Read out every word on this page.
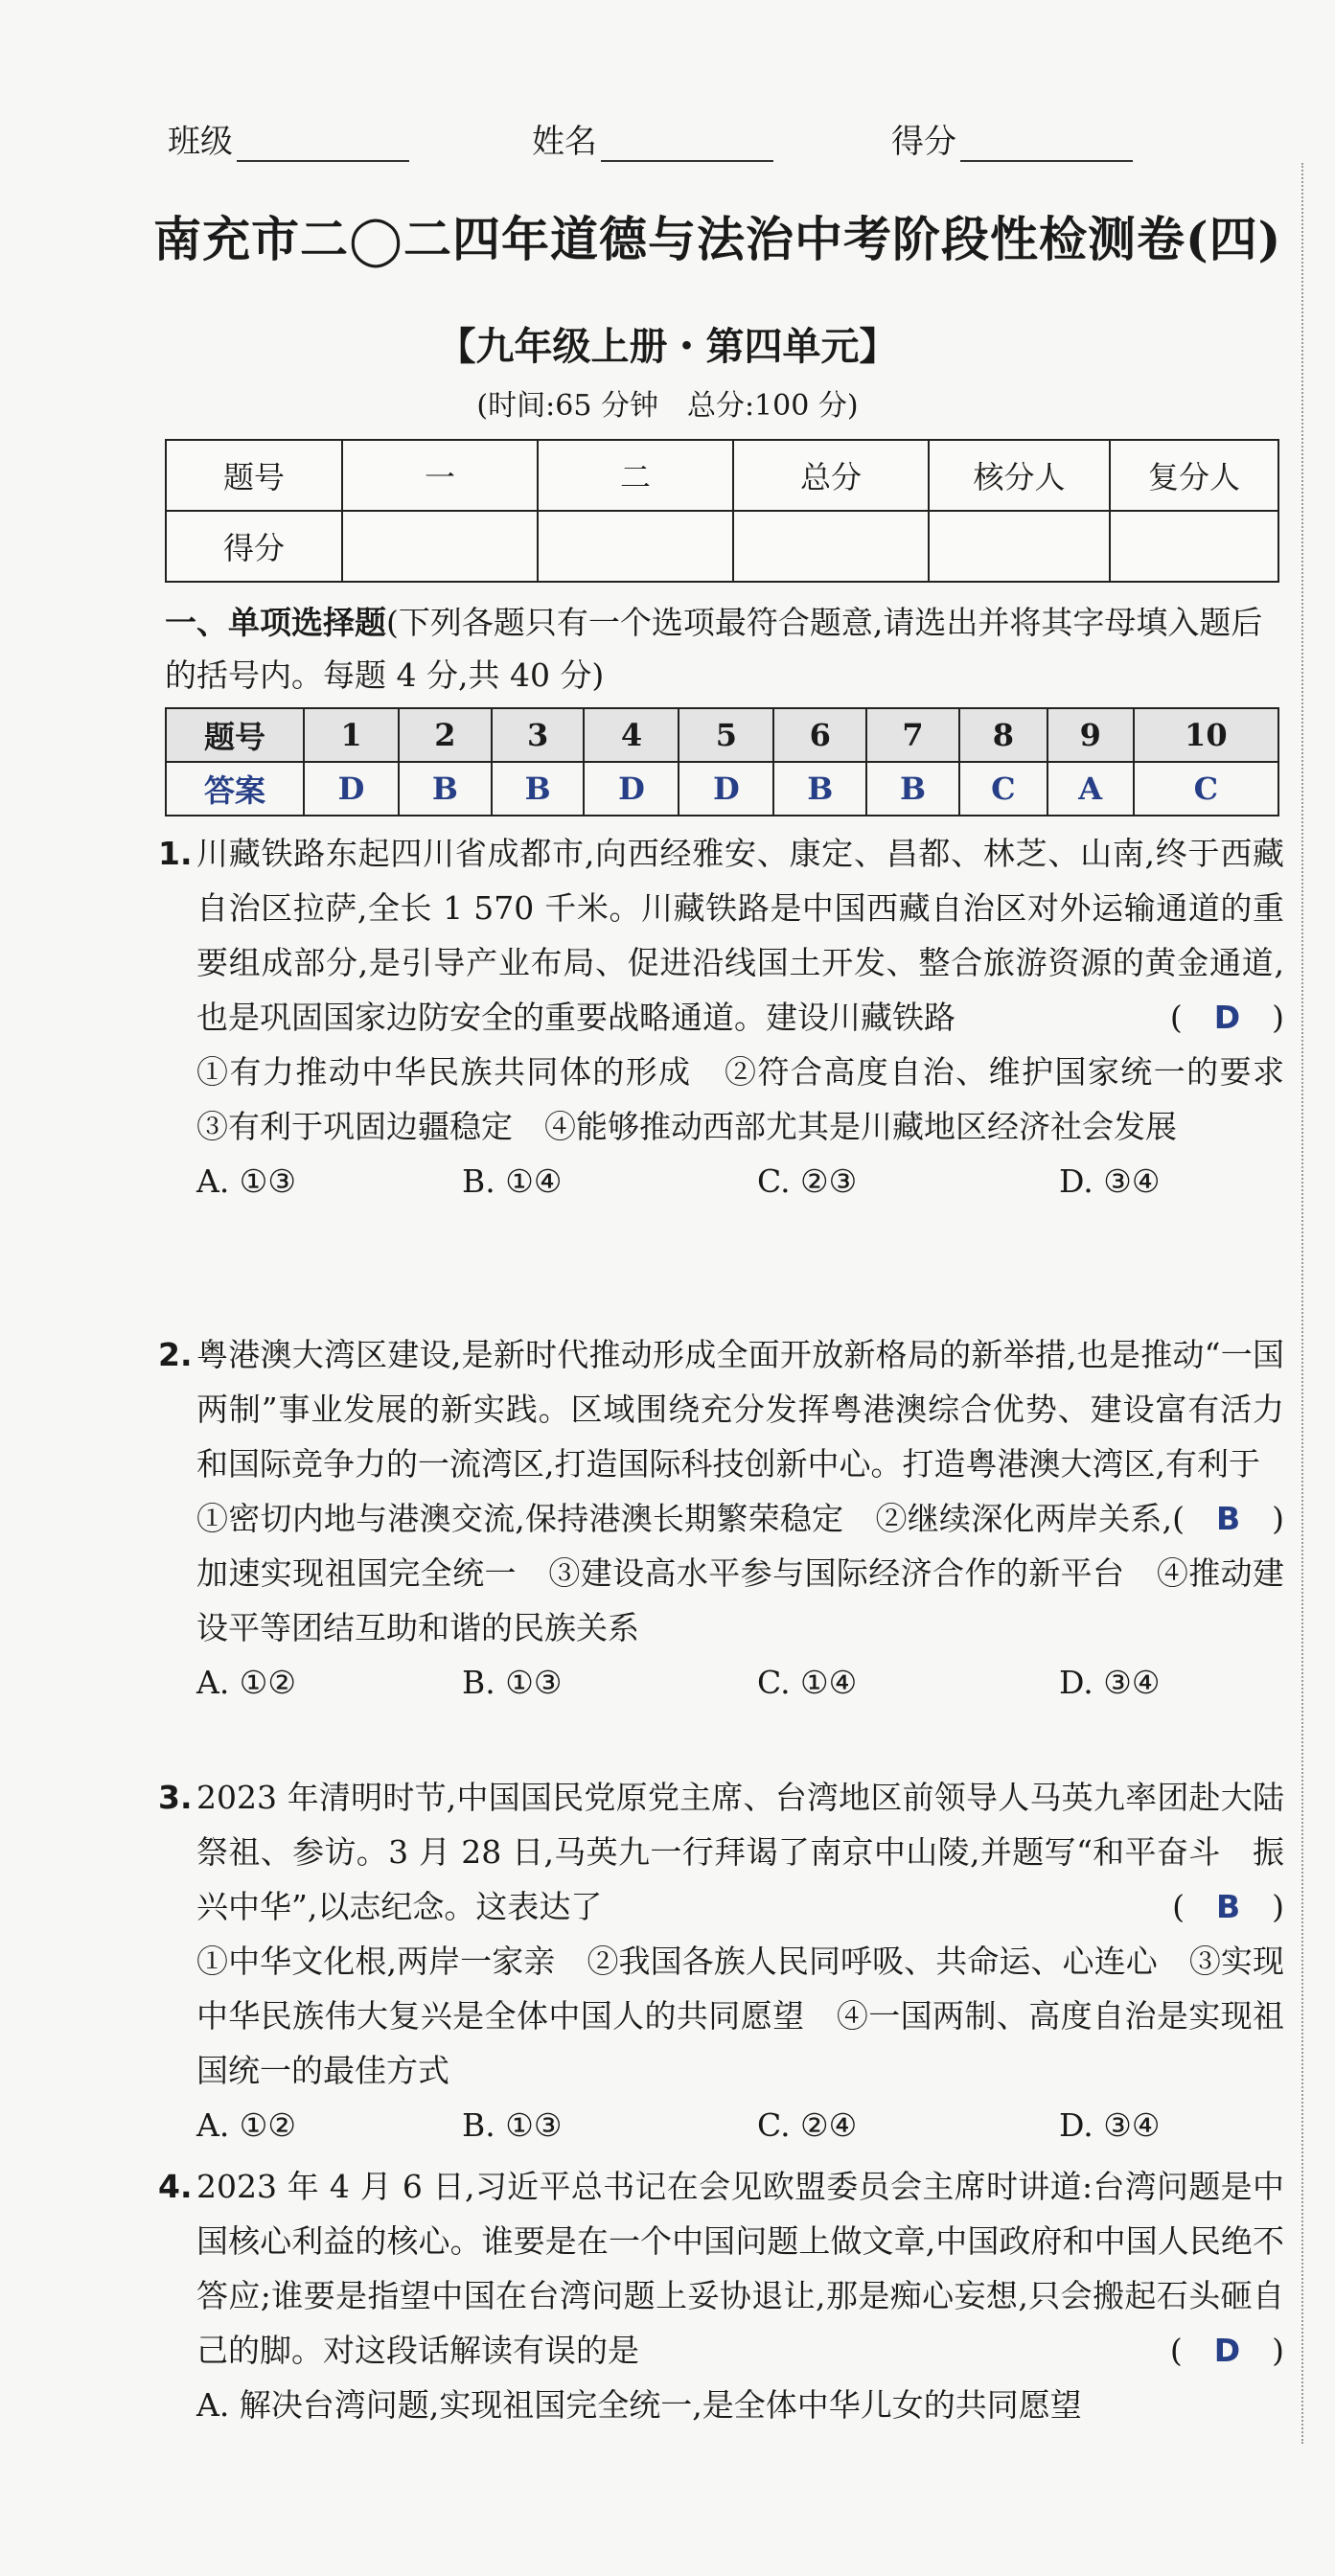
班级	姓名	得分
南充市二◯二四年道德与法治中考阶段性检测卷(四)
【九年级上册・第四单元】
(时间:65 分钟　总分:100 分)
题号	一	二	总分	核分人	复分人
得分					
一、单项选择题(下列各题只有一个选项最符合题意,请选出并将其字母填入题后的括号内。每题 4 分,共 40 分)
题号	1	2	3	4	5	6	7	8	9	10
答案	D	B	B	D	D	B	B	C	A	C
1. 川藏铁路东起四川省成都市,向西经雅安、康定、昌都、林芝、山南,终于西藏自治区拉萨,全长 1 570 千米。川藏铁路是中国西藏自治区对外运输通道的重要组成部分,是引导产业布局、促进沿线国土开发、整合旅游资源的黄金通道,也是巩固国家边防安全的重要战略通道。建设川藏铁路	(　D　)
①有力推动中华民族共同体的形成　②符合高度自治、维护国家统一的要求　③有利于巩固边疆稳定　④能够推动西部尤其是川藏地区经济社会发展
A. ①③	B. ①④	C. ②③	D. ③④
2. 粤港澳大湾区建设,是新时代推动形成全面开放新格局的新举措,也是推动“一国两制”事业发展的新实践。区域围绕充分发挥粤港澳综合优势、建设富有活力和国际竞争力的一流湾区,打造国际科技创新中心。打造粤港澳大湾区,有利于
(　B　)
①密切内地与港澳交流,保持港澳长期繁荣稳定　②继续深化两岸关系,加速实现祖国完全统一　③建设高水平参与国际经济合作的新平台　④推动建设平等团结互助和谐的民族关系
A. ①②	B. ①③	C. ①④	D. ③④
3. 2023 年清明时节,中国国民党原党主席、台湾地区前领导人马英九率团赴大陆祭祖、参访。3 月 28 日,马英九一行拜谒了南京中山陵,并题写“和平奋斗　振兴中华”,以志纪念。这表达了	(　B　)
①中华文化根,两岸一家亲　②我国各族人民同呼吸、共命运、心连心　③实现中华民族伟大复兴是全体中国人的共同愿望　④一国两制、高度自治是实现祖国统一的最佳方式
A. ①②	B. ①③	C. ②④	D. ③④
4. 2023 年 4 月 6 日,习近平总书记在会见欧盟委员会主席时讲道:台湾问题是中国核心利益的核心。谁要是在一个中国问题上做文章,中国政府和中国人民绝不答应;谁要是指望中国在台湾问题上妥协退让,那是痴心妄想,只会搬起石头砸自己的脚。对这段话解读有误的是	(　D　)
A. 解决台湾问题,实现祖国完全统一,是全体中华儿女的共同愿望
